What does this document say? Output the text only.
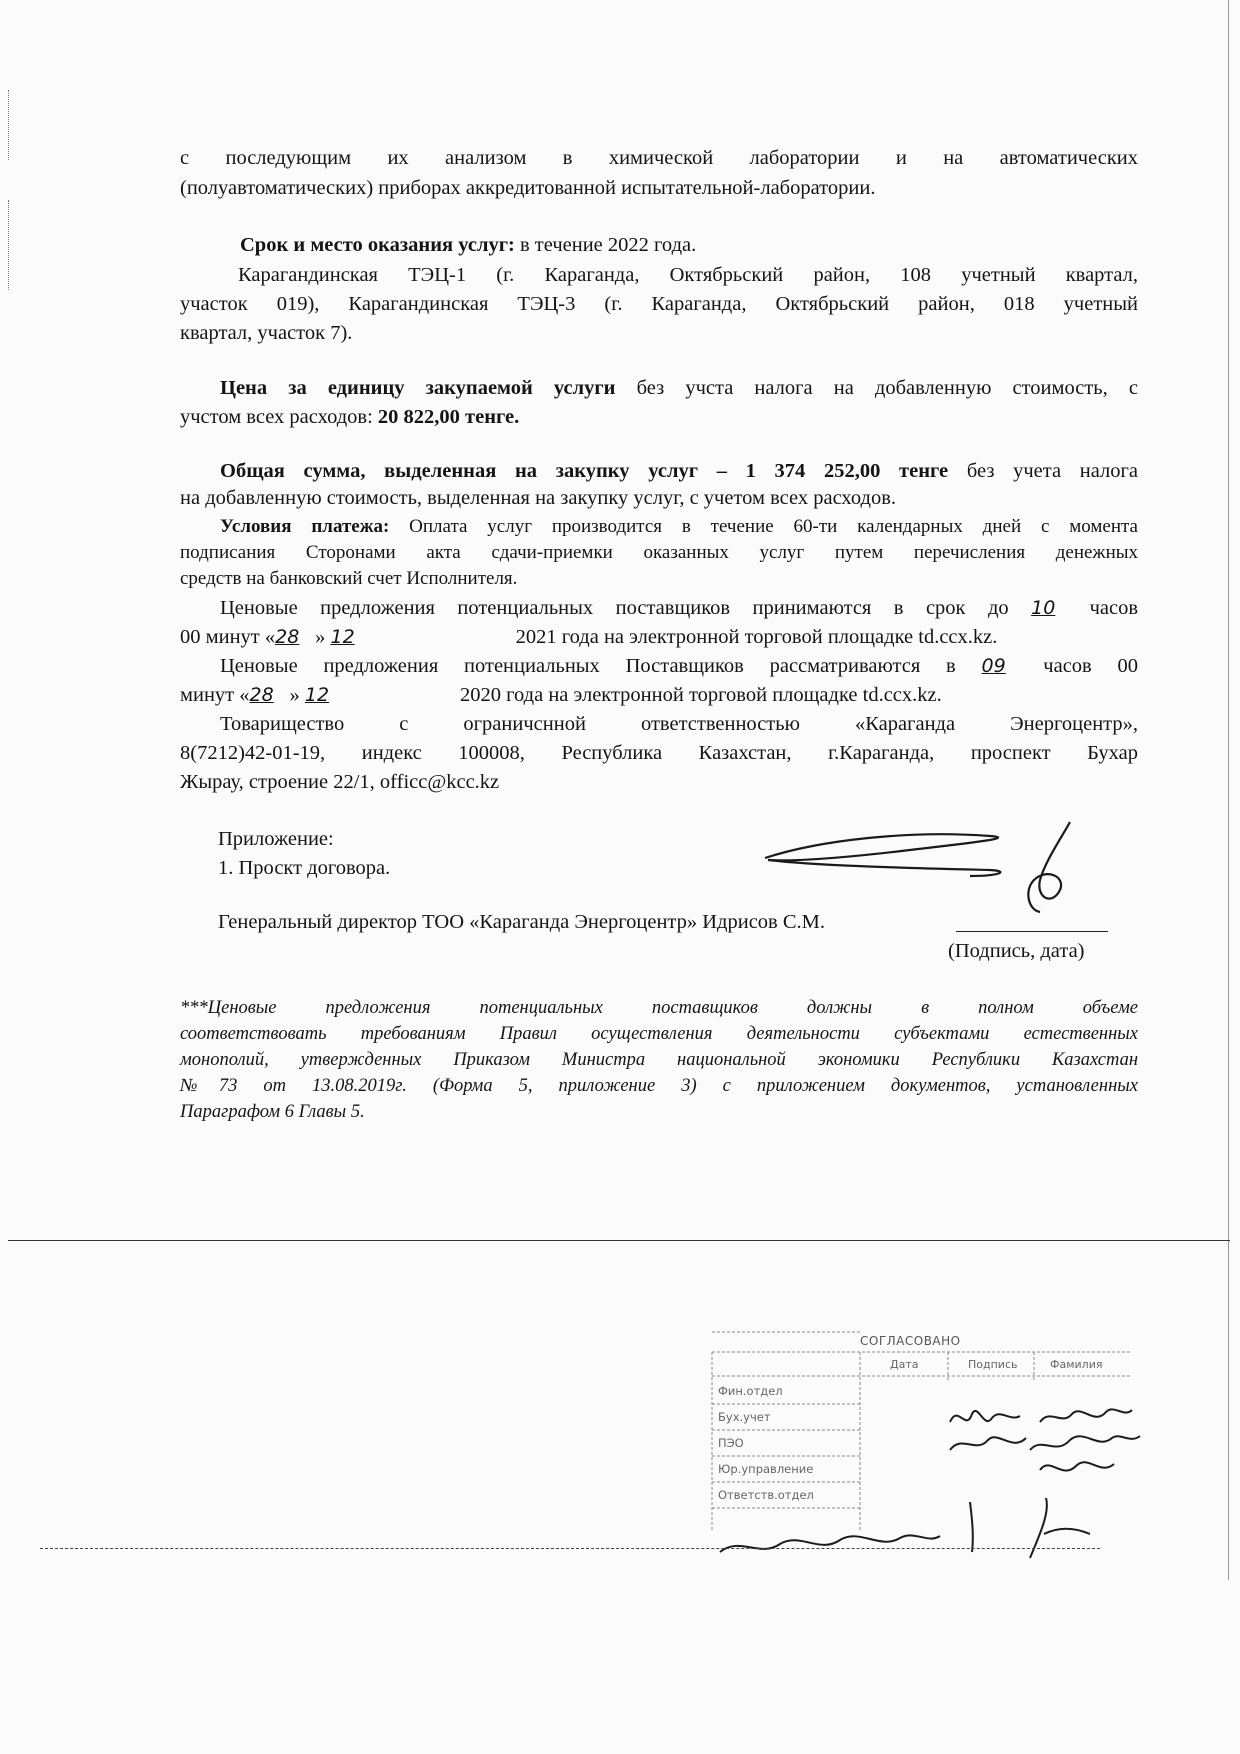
с последующим их анализом в химической лаборатории и на автоматических
(полуавтоматических) приборах аккредитованной испытательной-лаборатории.
Срок и место оказания услуг: в течение 2022 года.
Карагандинская ТЭЦ-1 (г. Караганда, Октябрьский район, 108 учетный квартал,
участок 019), Карагандинская ТЭЦ-3 (г. Караганда, Октябрьский район, 018 учетный
квартал, участок 7).
Цена за единицу закупаемой услуги без учста налога на добавленную стоимость, с
учстом всех расходов: 20 822,00 тенге.
Общая сумма, выделенная на закупку услуг – 1 374 252,00 тенге без учета налога
на добавленную стоимость, выделенная на закупку услуг, с учетом всех расходов.
Условия платежа: Оплата услуг производится в течение 60-ти календарных дней с момента
подписания Сторонами акта сдачи-приемки оказанных услуг путем перечисления денежных
средств на банковский счет Исполнителя.
Ценовые предложения потенциальных поставщиков принимаются в срок до 10 часов
00 минут «28 » 12	2021 года на электронной торговой площадке td.ccx.kz.
Ценовые предложения потенциальных Поставщиков рассматриваются в 09 часов 00
минут «28 » 12	2020 года на электронной торговой площадке td.ccx.kz.
Товарищество с ограничснной ответственностью «Караганда Энергоцентр»,
8(7212)42-01-19, индекс 100008, Республика Казахстан, г.Караганда, проспект Бухар
Жырау, строение 22/1, officc@kcc.kz
Приложение:
1. Проскт договора.
Генеральный директор ТОО «Караганда Энергоцентр» Идрисов С.М.
(Подпись, дата)
***Ценовые предложения потенциальных поставщиков должны в полном объеме
соответствовать требованиям Правил осуществления деятельности субъектами естественных
монополий, утвержденных Приказом Министра национальной экономики Республики Казахстан
№73 от 13.08.2019г. (Форма 5, приложение 3) с приложением документов, установленных
Параграфом 6 Главы 5.
СОГЛАСОВАНО
Дата	Подпись	Фамилия
Фин.отдел
Бух.учет
ПЭО
Юр.управление
Ответств.отдел
